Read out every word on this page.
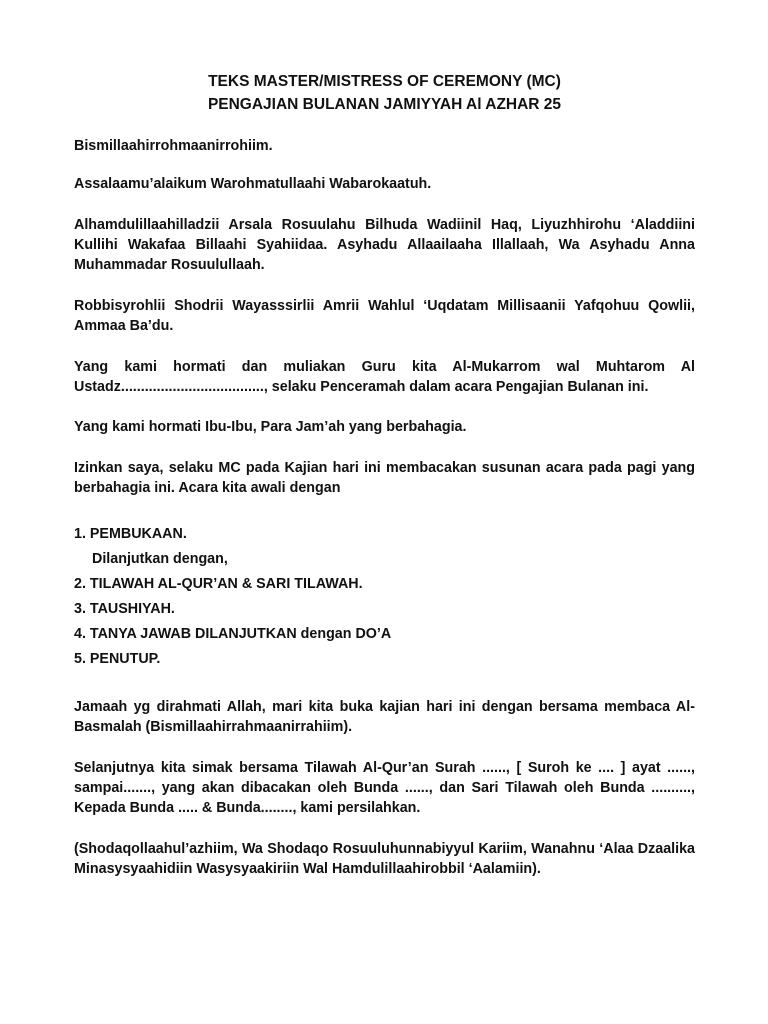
TEKS MASTER/MISTRESS OF CEREMONY (MC)
PENGAJIAN BULANAN JAMIYYAH Al AZHAR 25

Bismillaahirrohmaanirrohiim.

Assalaamu’alaikum Warohmatullaahi Wabarokaatuh.

Alhamdulillaahilladzii Arsala Rosuulahu Bilhuda Wadiinil Haq, Liyuzhhirohu ‘Aladdiini Kullihi Wakafaa Billaahi Syahiidaa. Asyhadu Allaailaaha Illallaah, Wa Asyhadu Anna Muhammadar Rosuulullaah.

Robbisyrohlii Shodrii Wayasssirlii Amrii Wahlul ‘Uqdatam Millisaanii Yafqohuu Qowlii, Ammaa Ba’du.

Yang kami hormati dan muliakan Guru kita Al-Mukarrom wal Muhtarom Al Ustadz...................................., selaku Penceramah dalam acara Pengajian Bulanan ini.

Yang kami hormati Ibu-Ibu, Para Jam’ah yang berbahagia.

Izinkan saya, selaku MC pada Kajian hari ini membacakan susunan acara pada pagi yang berbahagia ini. Acara kita awali dengan

1. PEMBUKAAN.
Dilanjutkan dengan,
2. TILAWAH AL-QUR’AN & SARI TILAWAH.
3. TAUSHIYAH.
4. TANYA JAWAB DILANJUTKAN dengan DO’A
5. PENUTUP.

Jamaah yg dirahmati Allah, mari kita buka kajian hari ini dengan bersama membaca Al-Basmalah (Bismillaahirrahmaanirrahiim).

Selanjutnya kita simak bersama Tilawah Al-Qur’an Surah ......, [ Suroh ke .... ] ayat ......, sampai......., yang akan dibacakan oleh Bunda ......, dan Sari Tilawah oleh Bunda .........., Kepada Bunda ..... & Bunda........, kami persilahkan.

(Shodaqollaahul’azhiim, Wa Shodaqo Rosuuluhunnabiyyul Kariim, Wanahnu ‘Alaa Dzaalika Minasysyaahidiin Wasysyaakiriin Wal Hamdulillaahirobbil ‘Aalamiin).
